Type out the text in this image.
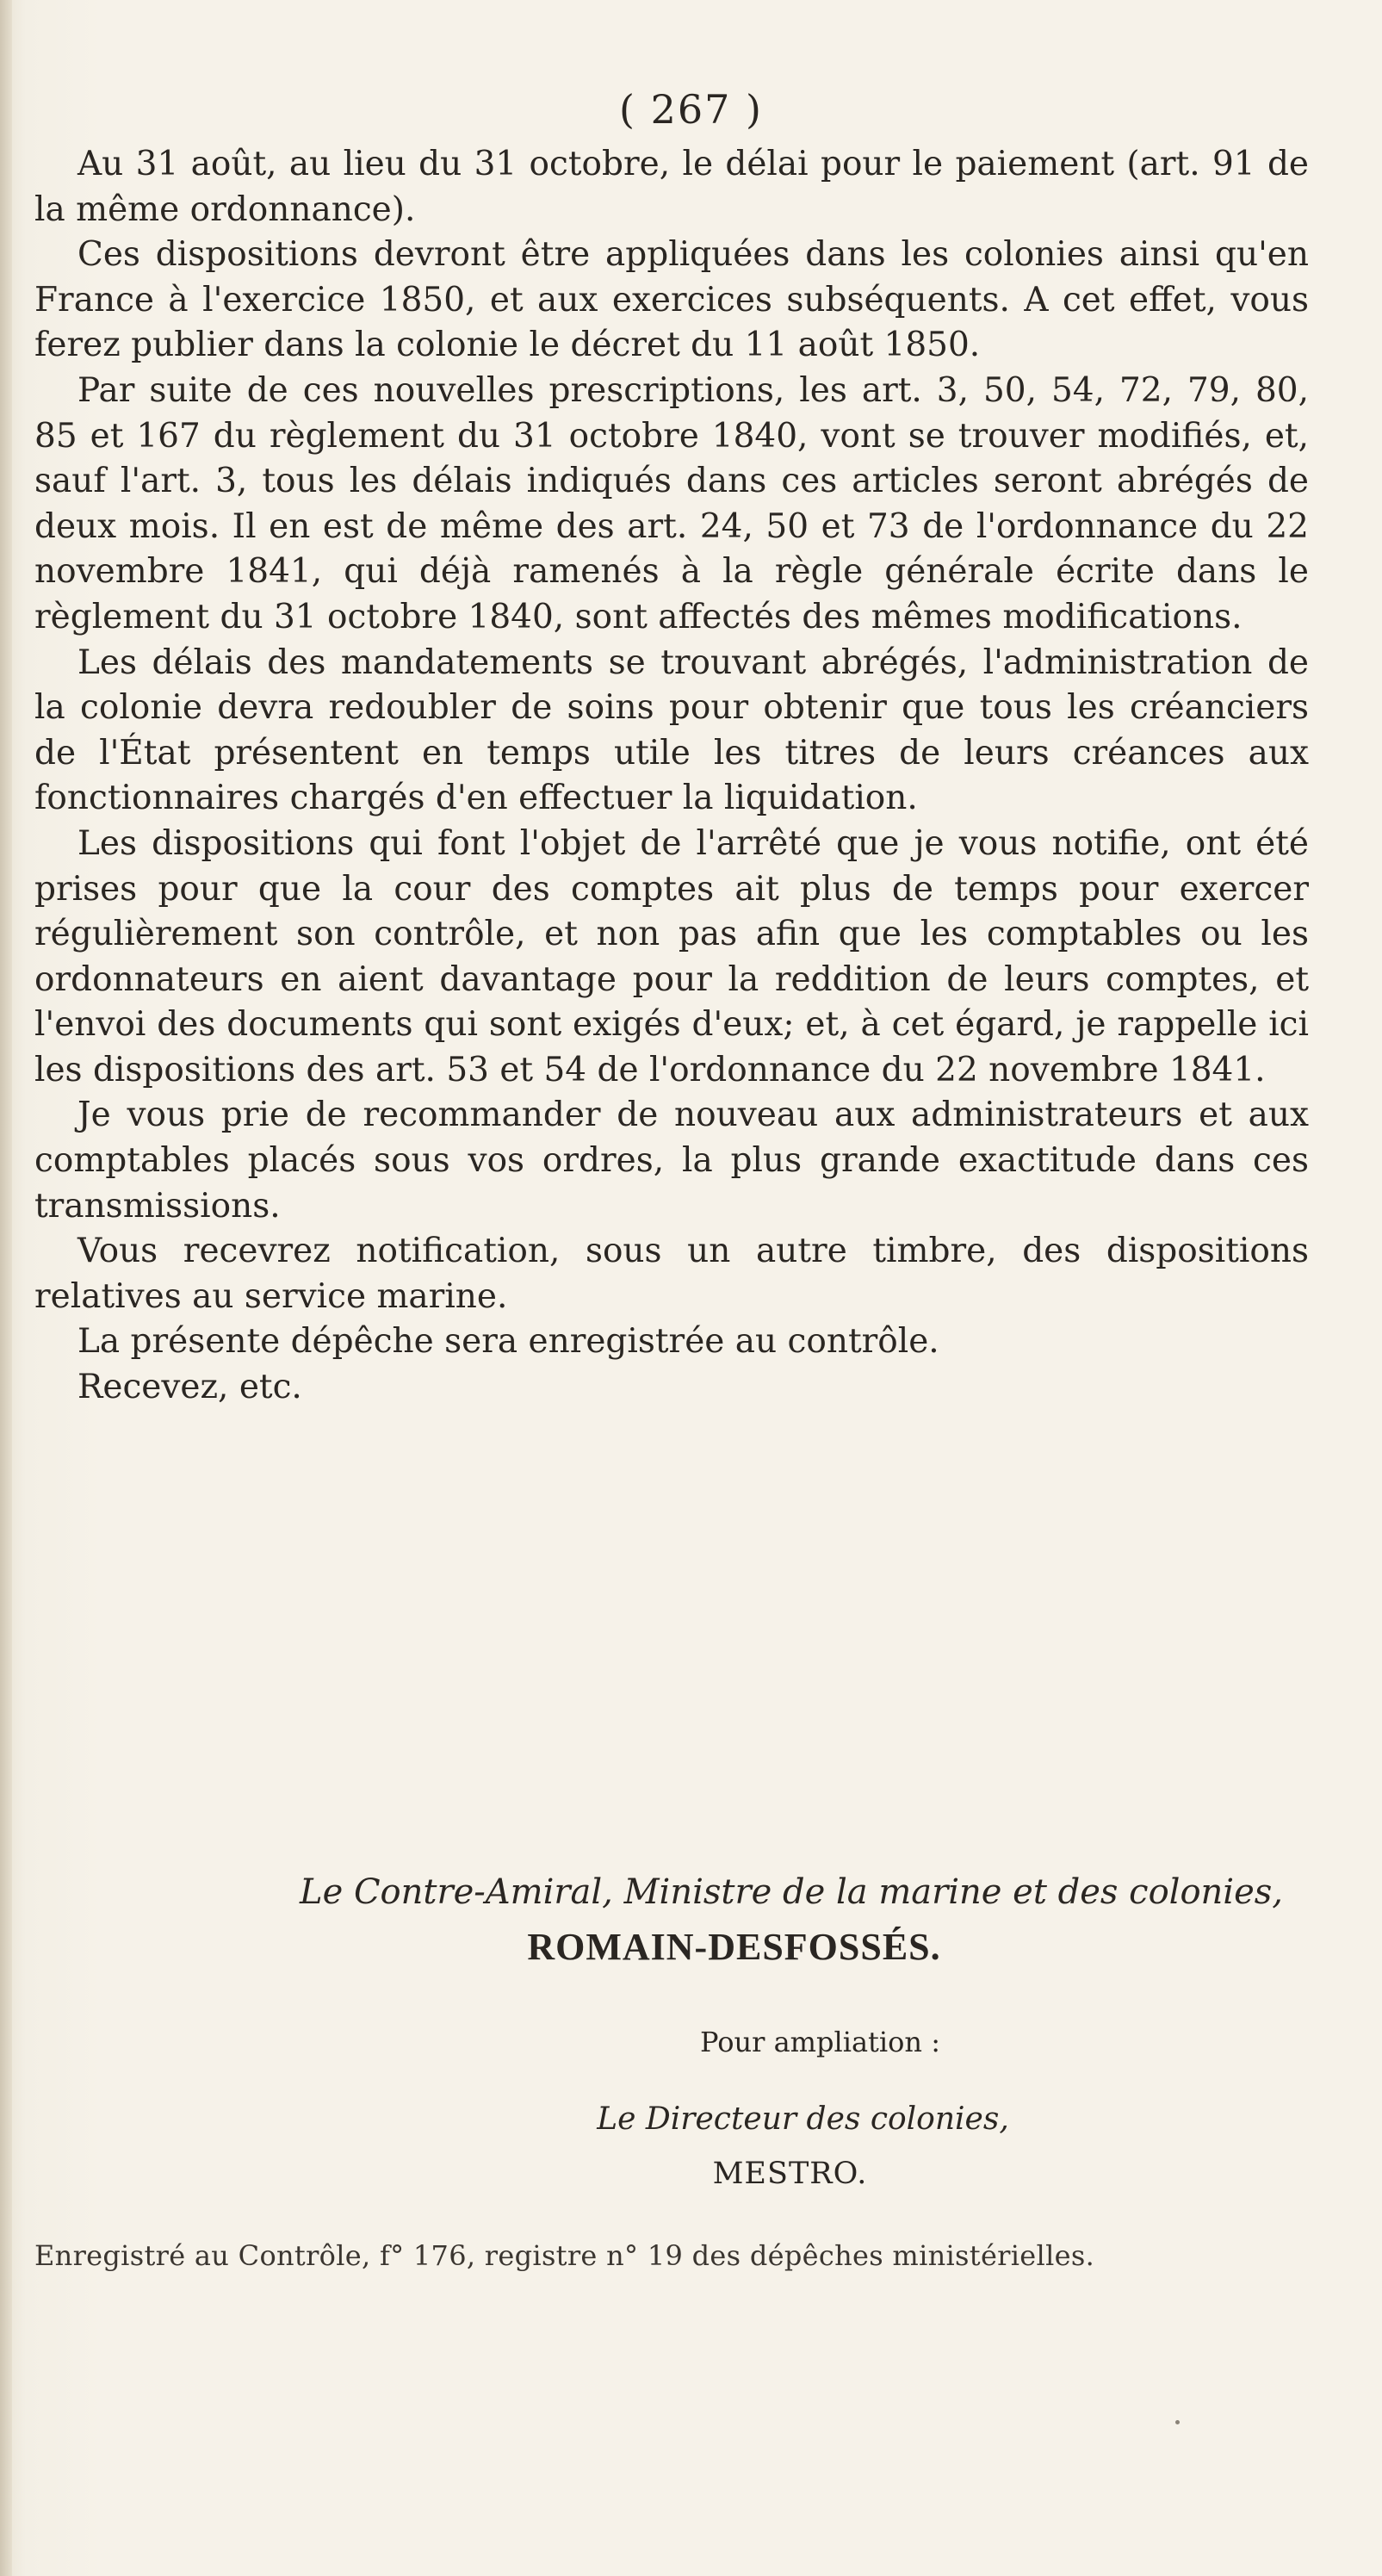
( 267 )

Au 31 août, au lieu du 31 octobre, le délai pour le paiement (art. 91 de la même ordonnance).

Ces dispositions devront être appliquées dans les colonies ainsi qu'en France à l'exercice 1850, et aux exercices subséquents. A cet effet, vous ferez publier dans la colonie le décret du 11 août 1850.

Par suite de ces nouvelles prescriptions, les art. 3, 50, 54, 72, 79, 80, 85 et 167 du règlement du 31 octobre 1840, vont se trouver modifiés, et, sauf l'art. 3, tous les délais indiqués dans ces articles seront abrégés de deux mois. Il en est de même des art. 24, 50 et 73 de l'ordonnance du 22 novembre 1841, qui déjà ramenés à la règle générale écrite dans le règlement du 31 octobre 1840, sont affectés des mêmes modifications.

Les délais des mandatements se trouvant abrégés, l'administration de la colonie devra redoubler de soins pour obtenir que tous les créanciers de l'État présentent en temps utile les titres de leurs créances aux fonctionnaires chargés d'en effectuer la liquidation.

Les dispositions qui font l'objet de l'arrêté que je vous notifie, ont été prises pour que la cour des comptes ait plus de temps pour exercer régulièrement son contrôle, et non pas afin que les comptables ou les ordonnateurs en aient davantage pour la reddition de leurs comptes, et l'envoi des documents qui sont exigés d'eux; et, à cet égard, je rappelle ici les dispositions des art. 53 et 54 de l'ordonnance du 22 novembre 1841.

Je vous prie de recommander de nouveau aux administrateurs et aux comptables placés sous vos ordres, la plus grande exactitude dans ces transmissions.

Vous recevrez notification, sous un autre timbre, des dispositions relatives au service marine.

La présente dépêche sera enregistrée au contrôle.

Recevez, etc.

Le Contre-Amiral, Ministre de la marine et des colonies,
ROMAIN-DESFOSSÉS.
Pour ampliation :
Le Directeur des colonies,
MESTRO.
Enregistré au Contrôle, f° 176, registre n° 19 des dépêches ministérielles.
